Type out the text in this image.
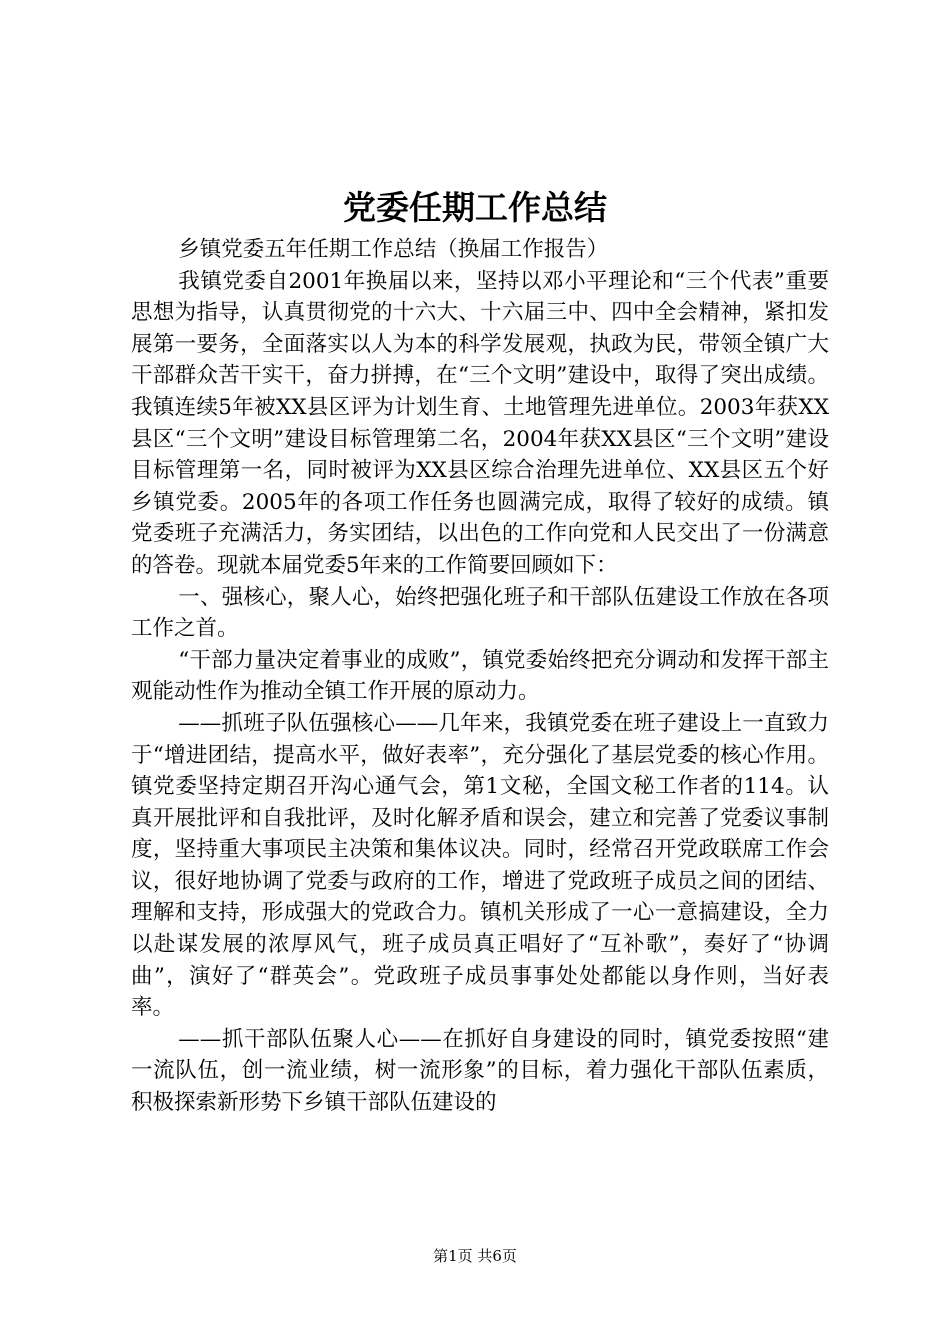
党委任期工作总结

乡镇党委五年任期工作总结（换届工作报告）

我镇党委自2001年换届以来，坚持以邓小平理论和“三个代表”重要思想为指导，认真贯彻党的十六大、十六届三中、四中全会精神，紧扣发展第一要务，全面落实以人为本的科学发展观，执政为民，带领全镇广大干部群众苦干实干，奋力拼搏，在“三个文明”建设中，取得了突出成绩。我镇连续5年被XX县区评为计划生育、土地管理先进单位。2003年获XX县区“三个文明”建设目标管理第二名，2004年获XX县区“三个文明”建设目标管理第一名，同时被评为XX县区综合治理先进单位、XX县区五个好乡镇党委。2005年的各项工作任务也圆满完成，取得了较好的成绩。镇党委班子充满活力，务实团结，以出色的工作向党和人民交出了一份满意的答卷。现就本届党委5年来的工作简要回顾如下：

一、强核心，聚人心，始终把强化班子和干部队伍建设工作放在各项工作之首。

“干部力量决定着事业的成败”，镇党委始终把充分调动和发挥干部主观能动性作为推动全镇工作开展的原动力。

——抓班子队伍强核心——几年来，我镇党委在班子建设上一直致力于“增进团结，提高水平，做好表率”，充分强化了基层党委的核心作用。镇党委坚持定期召开沟心通气会，第1文秘，全国文秘工作者的114。认真开展批评和自我批评，及时化解矛盾和误会，建立和完善了党委议事制度，坚持重大事项民主决策和集体议决。同时，经常召开党政联席工作会议，很好地协调了党委与政府的工作，增进了党政班子成员之间的团结、理解和支持，形成强大的党政合力。镇机关形成了一心一意搞建设，全力以赴谋发展的浓厚风气，班子成员真正唱好了“互补歌”，奏好了“协调曲”，演好了“群英会”。党政班子成员事事处处都能以身作则，当好表率。

——抓干部队伍聚人心——在抓好自身建设的同时，镇党委按照“建一流队伍，创一流业绩，树一流形象”的目标，着力强化干部队伍素质，积极探索新形势下乡镇干部队伍建设的

第1页 共6页
